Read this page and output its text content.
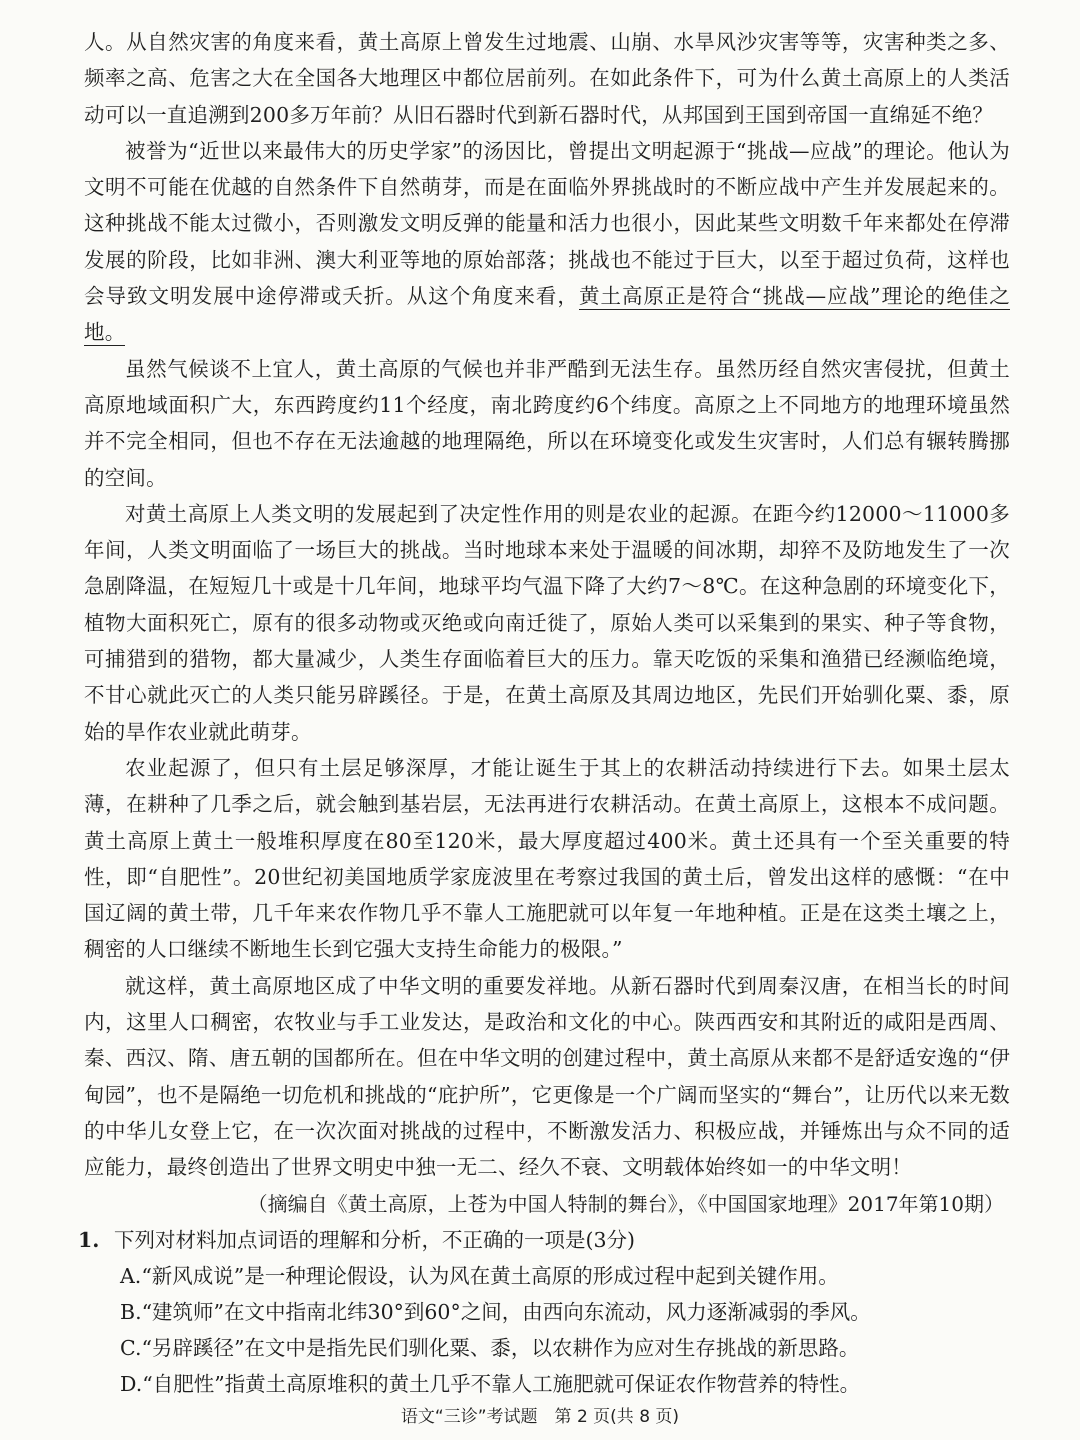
人。从自然灾害的角度来看，黄土高原上曾发生过地震、山崩、水旱风沙灾害等等，灾害种类之多、频率之高、危害之大在全国各大地理区中都位居前列。在如此条件下，可为什么黄土高原上的人类活动可以一直追溯到200多万年前？从旧石器时代到新石器时代，从邦国到王国到帝国一直绵延不绝？

被誉为“近世以来最伟大的历史学家”的汤因比，曾提出文明起源于“挑战—应战”的理论。他认为文明不可能在优越的自然条件下自然萌芽，而是在面临外界挑战时的不断应战中产生并发展起来的。这种挑战不能太过微小，否则激发文明反弹的能量和活力也很小，因此某些文明数千年来都处在停滞发展的阶段，比如非洲、澳大利亚等地的原始部落；挑战也不能过于巨大，以至于超过负荷，这样也会导致文明发展中途停滞或夭折。从这个角度来看，黄土高原正是符合“挑战—应战”理论的绝佳之地。

虽然气候谈不上宜人，黄土高原的气候也并非严酷到无法生存。虽然历经自然灾害侵扰，但黄土高原地域面积广大，东西跨度约11个经度，南北跨度约6个纬度。高原之上不同地方的地理环境虽然并不完全相同，但也不存在无法逾越的地理隔绝，所以在环境变化或发生灾害时，人们总有辗转腾挪的空间。

对黄土高原上人类文明的发展起到了决定性作用的则是农业的起源。在距今约12000～11000多年间，人类文明面临了一场巨大的挑战。当时地球本来处于温暖的间冰期，却猝不及防地发生了一次急剧降温，在短短几十或是十几年间，地球平均气温下降了大约7～8℃。在这种急剧的环境变化下，植物大面积死亡，原有的很多动物或灭绝或向南迁徙了，原始人类可以采集到的果实、种子等食物，可捕猎到的猎物，都大量减少，人类生存面临着巨大的压力。靠天吃饭的采集和渔猎已经濒临绝境，不甘心就此灭亡的人类只能另辟蹊径。于是，在黄土高原及其周边地区，先民们开始驯化粟、黍，原始的旱作农业就此萌芽。

农业起源了，但只有土层足够深厚，才能让诞生于其上的农耕活动持续进行下去。如果土层太薄，在耕种了几季之后，就会触到基岩层，无法再进行农耕活动。在黄土高原上，这根本不成问题。黄土高原上黄土一般堆积厚度在80至120米，最大厚度超过400米。黄土还具有一个至关重要的特性，即“自肥性”。20世纪初美国地质学家庞波里在考察过我国的黄土后，曾发出这样的感慨：“在中国辽阔的黄土带，几千年来农作物几乎不靠人工施肥就可以年复一年地种植。正是在这类土壤之上，稠密的人口继续不断地生长到它强大支持生命能力的极限。”

就这样，黄土高原地区成了中华文明的重要发祥地。从新石器时代到周秦汉唐，在相当长的时间内，这里人口稠密，农牧业与手工业发达，是政治和文化的中心。陕西西安和其附近的咸阳是西周、秦、西汉、隋、唐五朝的国都所在。但在中华文明的创建过程中，黄土高原从来都不是舒适安逸的“伊甸园”，也不是隔绝一切危机和挑战的“庇护所”，它更像是一个广阔而坚实的“舞台”，让历代以来无数的中华儿女登上它，在一次次面对挑战的过程中，不断激发活力、积极应战，并锤炼出与众不同的适应能力，最终创造出了世界文明史中独一无二、经久不衰、文明载体始终如一的中华文明！

（摘编自《黄土高原，上苍为中国人特制的舞台》，《中国国家地理》2017年第10期）

1. 下列对材料加点词语的理解和分析，不正确的一项是(3分)

A.“新风成说”是一种理论假设，认为风在黄土高原的形成过程中起到关键作用。

B.“建筑师”在文中指南北纬30°到60°之间，由西向东流动，风力逐渐减弱的季风。

C.“另辟蹊径”在文中是指先民们驯化粟、黍，以农耕作为应对生存挑战的新思路。

D.“自肥性”指黄土高原堆积的黄土几乎不靠人工施肥就可保证农作物营养的特性。

语文“三诊”考试题　第 2 页(共 8 页)
